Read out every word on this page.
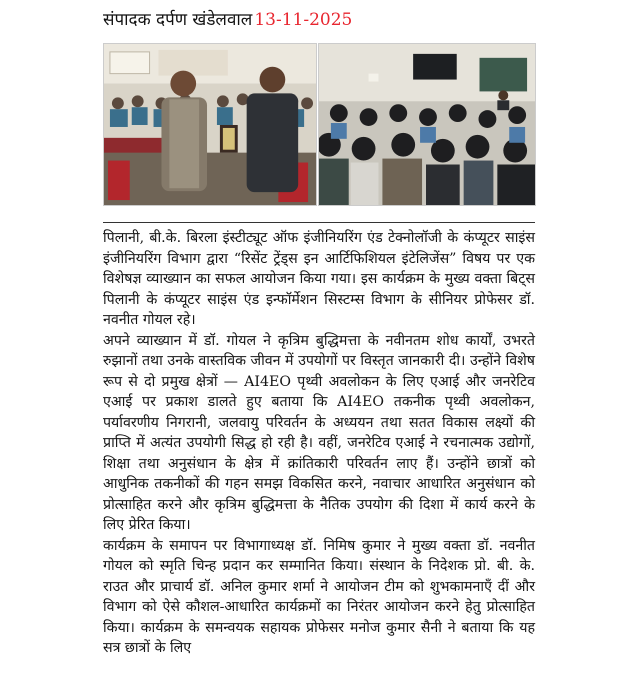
संपादक दर्पण खंडेलवाल 13-11-2025

पिलानी, बी.के. बिरला इंस्टीट्यूट ऑफ इंजीनियरिंग एंड टेक्नोलॉजी के कंप्यूटर साइंस इंजीनियरिंग विभाग द्वारा “रिसेंट ट्रेंड्स इन आर्टिफिशियल इंटेलिजेंस” विषय पर एक विशेषज्ञ व्याख्यान का सफल आयोजन किया गया। इस कार्यक्रम के मुख्य वक्ता बिट्स पिलानी के कंप्यूटर साइंस एंड इन्फॉर्मेशन सिस्टम्स विभाग के सीनियर प्रोफेसर डॉ. नवनीत गोयल रहे।

अपने व्याख्यान में डॉ. गोयल ने कृत्रिम बुद्धिमत्ता के नवीनतम शोध कार्यों, उभरते रुझानों तथा उनके वास्तविक जीवन में उपयोगों पर विस्तृत जानकारी दी। उन्होंने विशेष रूप से दो प्रमुख क्षेत्रों — AI4EO पृथ्वी अवलोकन के लिए एआई और जनरेटिव एआई पर प्रकाश डालते हुए बताया कि AI4EO तकनीक पृथ्वी अवलोकन, पर्यावरणीय निगरानी, जलवायु परिवर्तन के अध्ययन तथा सतत विकास लक्ष्यों की प्राप्ति में अत्यंत उपयोगी सिद्ध हो रही है। वहीं, जनरेटिव एआई ने रचनात्मक उद्योगों, शिक्षा तथा अनुसंधान के क्षेत्र में क्रांतिकारी परिवर्तन लाए हैं। उन्होंने छात्रों को आधुनिक तकनीकों की गहन समझ विकसित करने, नवाचार आधारित अनुसंधान को प्रोत्साहित करने और कृत्रिम बुद्धिमत्ता के नैतिक उपयोग की दिशा में कार्य करने के लिए प्रेरित किया।

कार्यक्रम के समापन पर विभागाध्यक्ष डॉ. निमिष कुमार ने मुख्य वक्ता डॉ. नवनीत गोयल को स्मृति चिन्ह प्रदान कर सम्मानित किया। संस्थान के निदेशक प्रो. बी. के. राउत और प्राचार्य डॉ. अनिल कुमार शर्मा ने आयोजन टीम को शुभकामनाएँ दीं और विभाग को ऐसे कौशल-आधारित कार्यक्रमों का निरंतर आयोजन करने हेतु प्रोत्साहित किया। कार्यक्रम के समन्वयक सहायक प्रोफेसर मनोज कुमार सैनी ने बताया कि यह सत्र छात्रों के लिए
